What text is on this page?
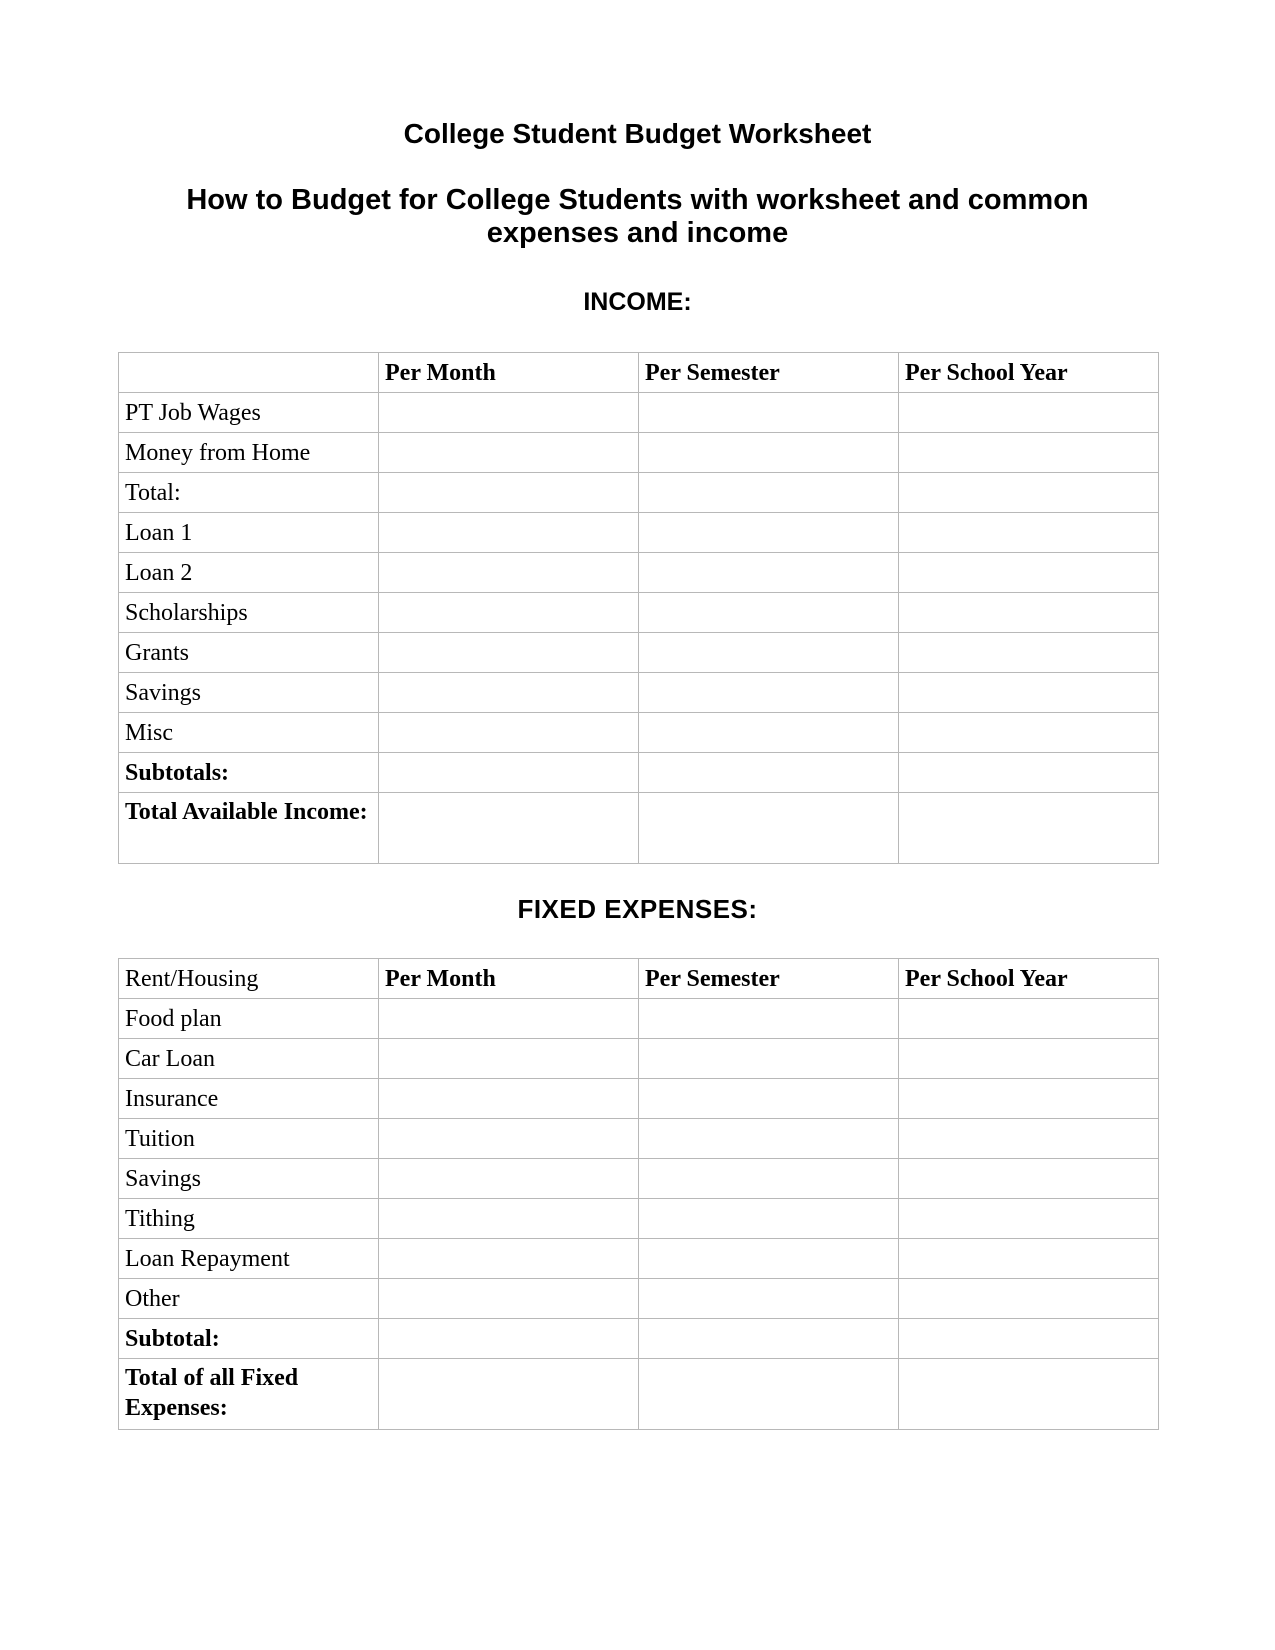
College Student Budget Worksheet
How to Budget for College Students with worksheet and common expenses and income
INCOME:
	Per Month	Per Semester	Per School Year
PT Job Wages			
Money from Home			
Total:			
Loan 1			
Loan 2			
Scholarships			
Grants			
Savings			
Misc			
Subtotals:			
Total Available Income:			
FIXED EXPENSES:
Rent/Housing	Per Month	Per Semester	Per School Year
Food plan			
Car Loan			
Insurance			
Tuition			
Savings			
Tithing			
Loan Repayment			
Other			
Subtotal:			
Total of all Fixed Expenses:			
